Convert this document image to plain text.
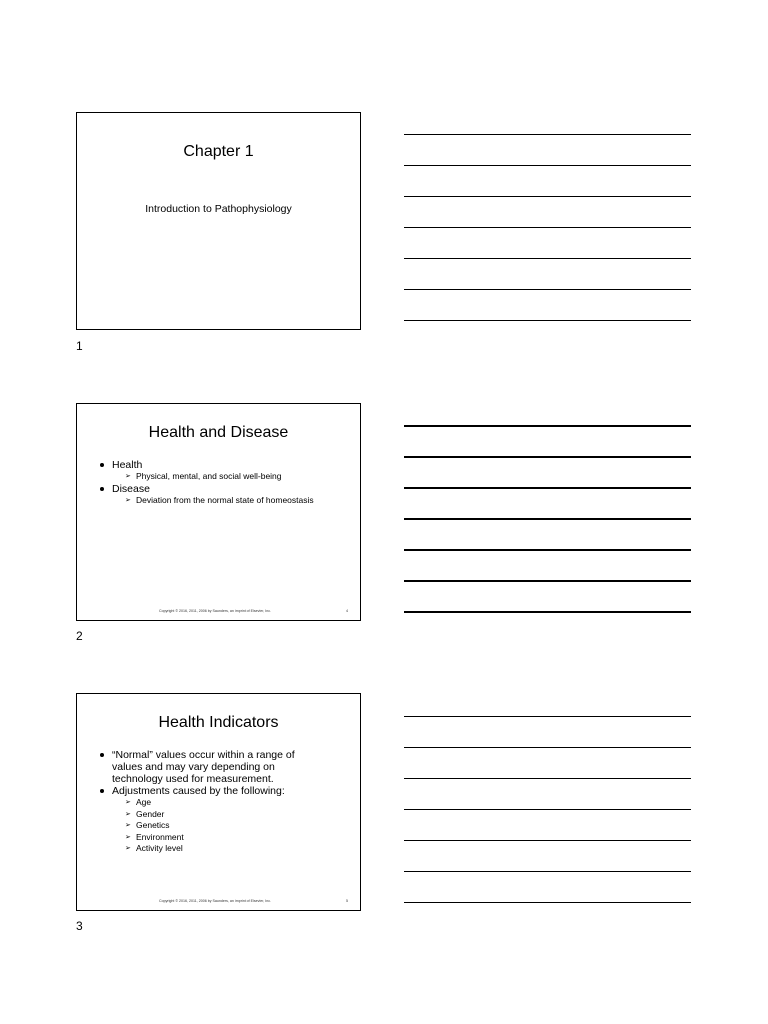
Chapter 1
Introduction to Pathophysiology
1
Health and Disease
Health
➢ Physical, mental, and social well-being
Disease
➢ Deviation from the normal state of homeostasis
Copyright © 2016, 2011, 2006 by Saunders, an imprint of Elsevier, Inc.	4
2
Health Indicators
“Normal” values occur within a range of values and may vary depending on technology used for measurement.
Adjustments caused by the following:
➢ Age
➢ Gender
➢ Genetics
➢ Environment
➢ Activity level
Copyright © 2016, 2011, 2006 by Saunders, an imprint of Elsevier, Inc.	5
3
